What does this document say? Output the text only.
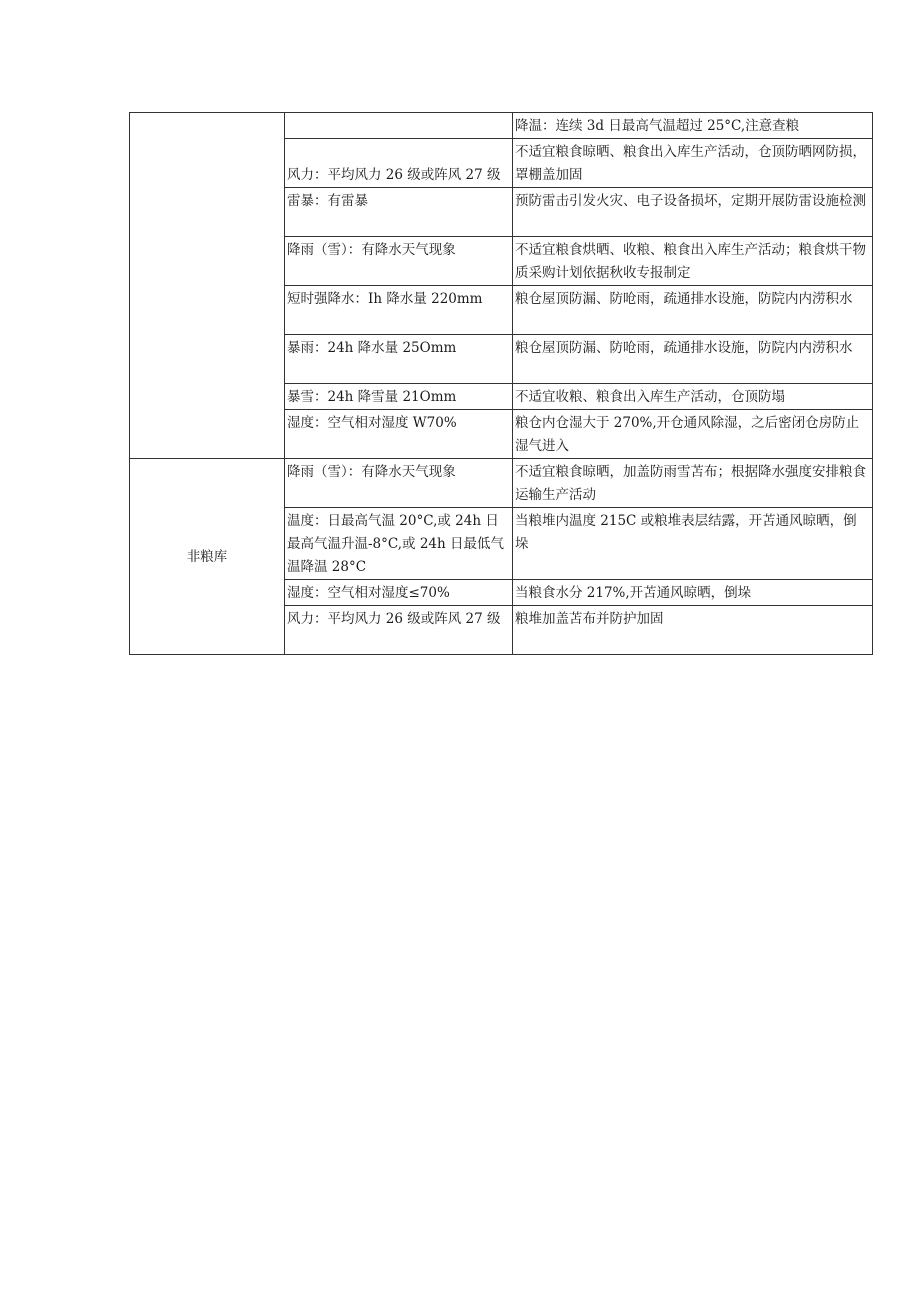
		降温：连续 3d 日最高气温超过 25°C,注意查粮
	风力：平均风力 26 级或阵风 27 级	不适宜粮食晾晒、粮食出入库生产活动，仓顶防晒网防损，罩棚盖加固
	雷暴：有雷暴	预防雷击引发火灾、电子设备损坏，定期开展防雷设施检测
	降雨（雪）：有降水天气现象	不适宜粮食烘晒、收粮、粮食出入库生产活动；粮食烘干物质采购计划依据秋收专报制定
	短时强降水：Ih 降水量 220mm	粮仓屋顶防漏、防呛雨，疏通排水设施，防院内内涝积水
	暴雨：24h 降水量 25Omm	粮仓屋顶防漏、防呛雨，疏通排水设施，防院内内涝积水
	暴雪：24h 降雪量 21Omm	不适宜收粮、粮食出入库生产活动，仓顶防塌
	湿度：空气相对湿度 W70%	粮仓内仓湿大于 270%,开仓通风除湿，之后密闭仓房防止湿气进入
非粮库	降雨（雪）：有降水天气现象	不适宜粮食晾晒，加盖防雨雪苫布；根据降水强度安排粮食运输生产活动
	温度：日最高气温 20°C,或 24h 日最高气温升温-8°C,或 24h 日最低气温降温 28°C	当粮堆内温度 215C 或粮堆表层结露，开苫通风晾晒，倒垛
	湿度：空气相对湿度≤70%	当粮食水分 217%,开苫通风晾晒，倒垛
	风力：平均风力 26 级或阵风 27 级	粮堆加盖苫布并防护加固
